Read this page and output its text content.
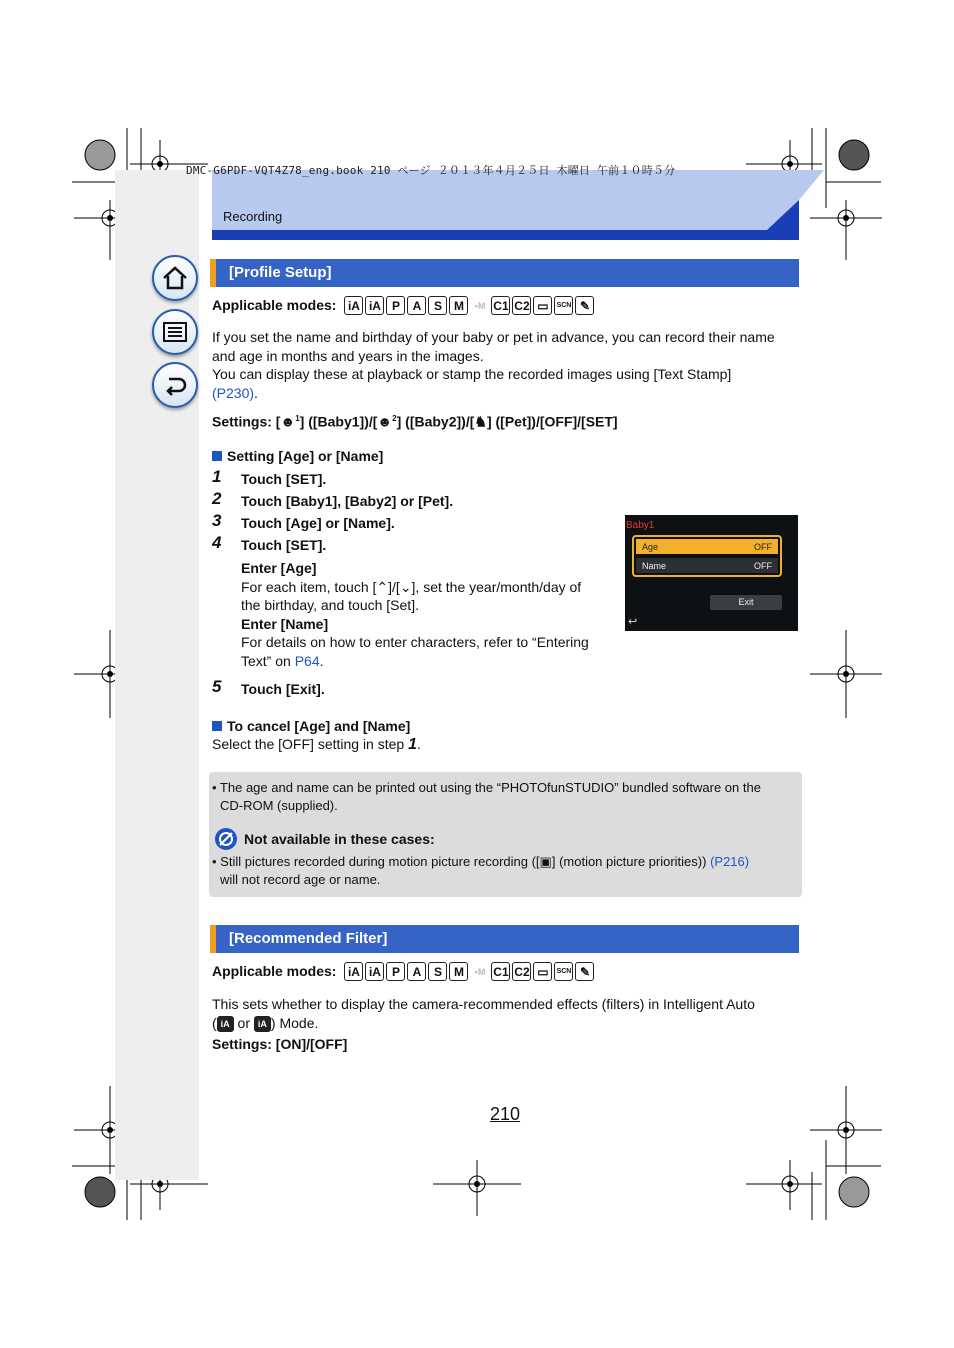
DMC-G6PDF-VQT4Z78_eng.book 210 ページ ２０１３年４月２５日 木曜日 午前１０時５分
Recording
[Profile Setup]
Applicable modes: iA iA P	A	S	M	▪M C1 C2 ▭	SCN ✎
If you set the name and birthday of your baby or pet in advance, you can record their name
and age in months and years in the images.
You can display these at playback or stamp the recorded images using [Text Stamp]
(P230).
Settings: [☻$^1$] ([Baby1])/[☻$^2$] ([Baby2])/[♞] ([Pet])/[OFF]/[SET]
Setting [Age] or [Name]
1 Touch [SET].
2 Touch [Baby1], [Baby2] or [Pet].
3 Touch [Age] or [Name].
4 Touch [SET].
Enter [Age]
For each item, touch [⌃]/[⌄], set the year/month/day of
the birthday, and touch [Set].
Enter [Name]
For details on how to enter characters, refer to “Entering
Text” on P64.
5 Touch [Exit].
To cancel [Age] and [Name]
Select the [OFF] setting in step 1.
Baby1
Age	OFF
Name	OFF
Exit
↩
• The age and name can be printed out using the “PHOTOfunSTUDIO” bundled software on the
CD-ROM (supplied).
Not available in these cases:
• Still pictures recorded during motion picture recording ([▣] (motion picture priorities)) (P216)
will not record age or name.
[Recommended Filter]
Applicable modes: iA iA P	A	S	M	▪M C1 C2 ▭	SCN ✎
This sets whether to display the camera-recommended effects (filters) in Intelligent Auto
( iA or iA ) Mode.
Settings: [ON]/[OFF]
210
